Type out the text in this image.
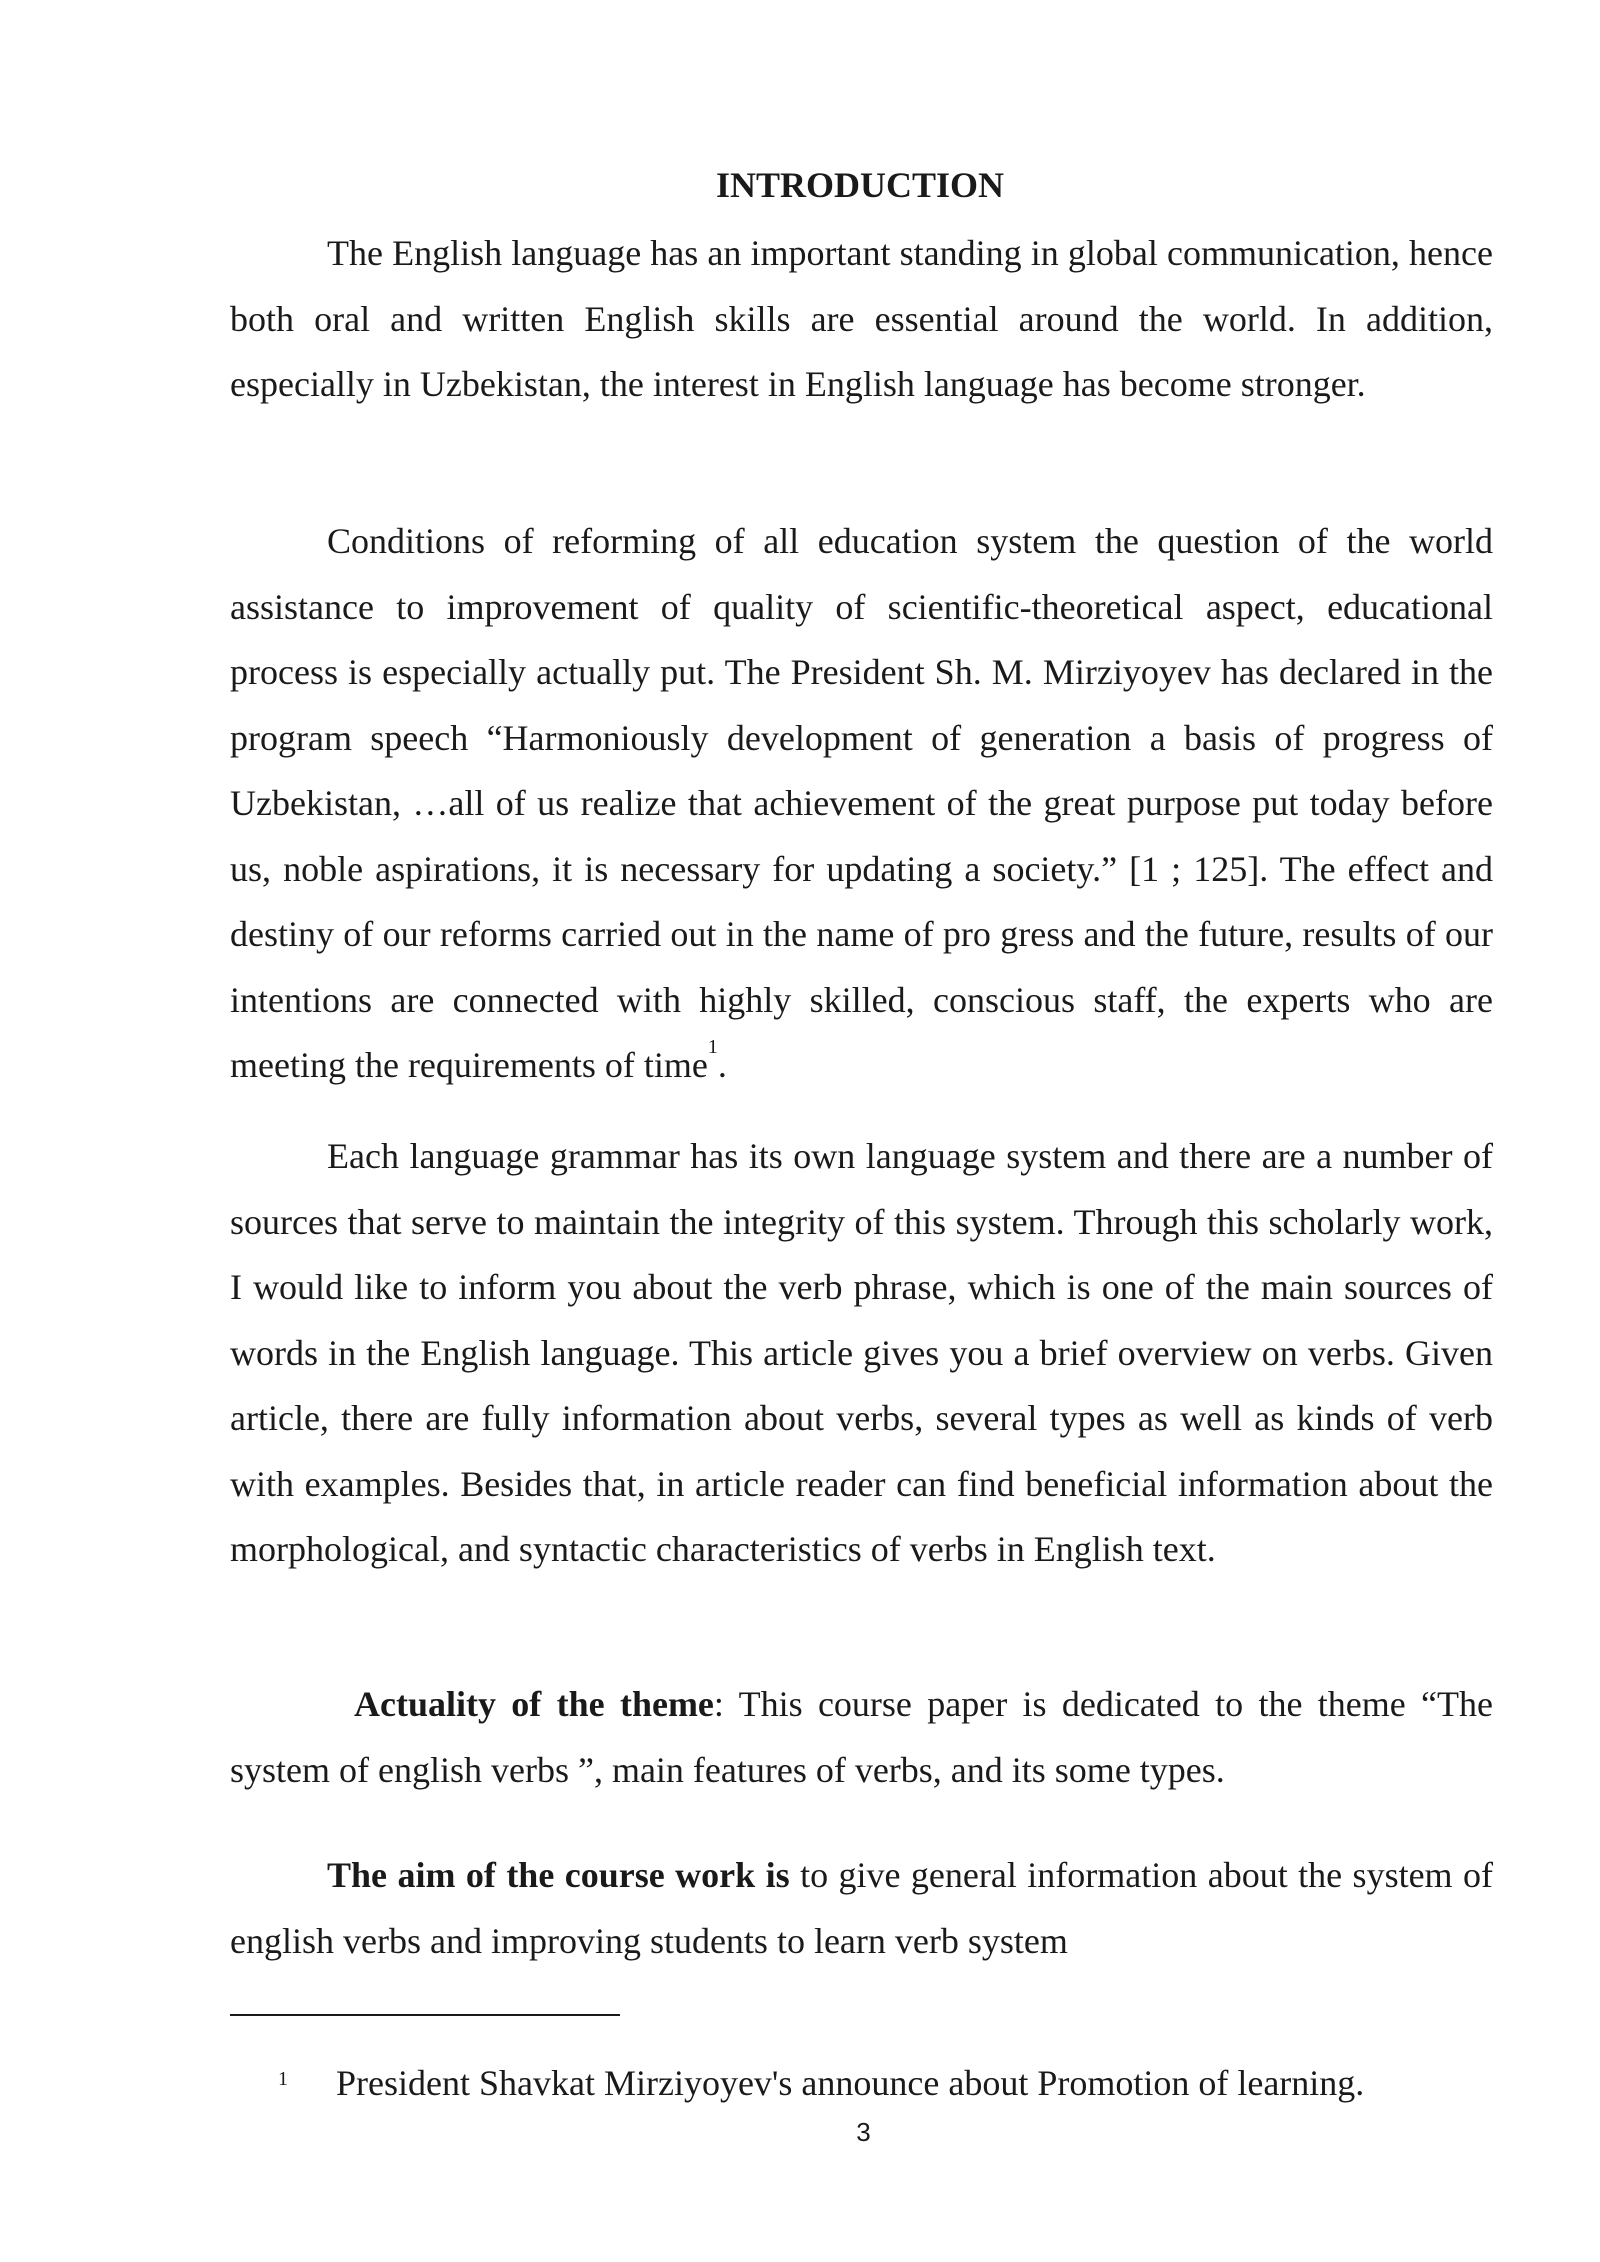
INTRODUCTION

The English language has an important standing in global communication, hence both oral and written English skills are essential around the world. In addition, especially in Uzbekistan, the interest in English language has become stronger.

Conditions of reforming of all education system the question of the world assistance to improvement of quality of scientific-theoretical aspect, educational process is especially actually put. The President Sh. M. Mirziyoyev has declared in the program speech “Harmoniously development of generation a basis of progress of Uzbekistan, …all of us realize that achievement of the great purpose put today before us, noble aspirations, it is necessary for updating a society.” [1 ; 125]. The effect and destiny of our reforms carried out in the name of pro gress and the future, results of our intentions are connected with highly skilled, conscious staff, the experts who are meeting the requirements of time$^1$.

Each language grammar has its own language system and there are a number of sources that serve to maintain the integrity of this system. Through this scholarly work, I would like to inform you about the verb phrase, which is one of the main sources of words in the English language. This article gives you a brief overview on verbs. Given article, there are fully information about verbs, several types as well as kinds of verb with examples. Besides that, in article reader can find beneficial information about the morphological, and syntactic characteristics of verbs in English text.

Actuality of the theme: This course paper is dedicated to the theme “The system of english verbs ”, main features of verbs, and its some types.

The aim of the course work is to give general information about the system of english verbs and improving students to learn verb system

1 President Shavkat Mirziyoyev's announce about Promotion of learning.
3
